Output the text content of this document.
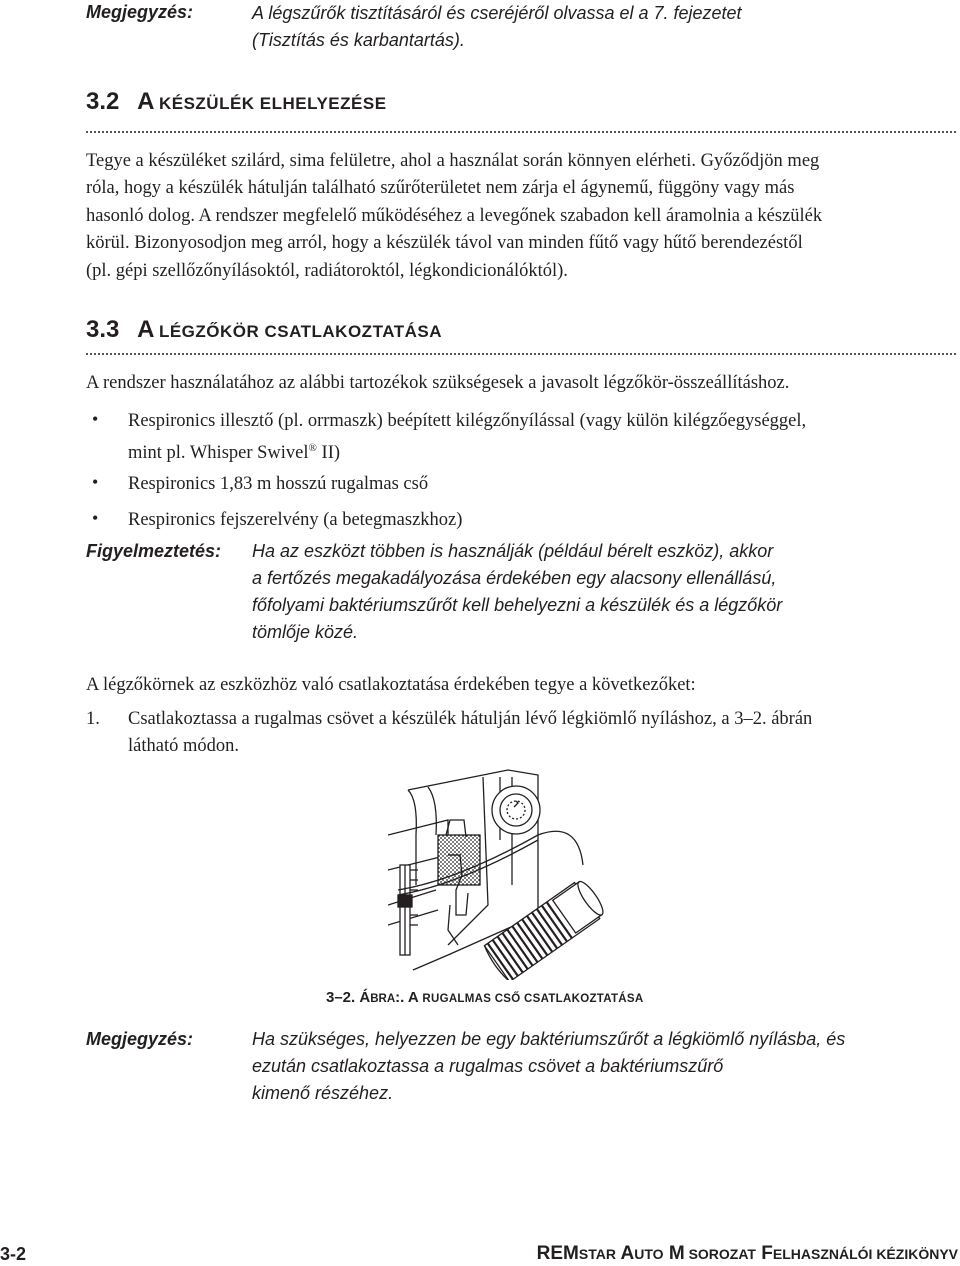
Megjegyzés:	A légszűrők tisztításáról és cseréjéről olvassa el a 7. fejezetet
(Tisztítás és karbantartás).
3.2 A KÉSZÜLÉK ELHELYEZÉSE
Tegye a készüléket szilárd, sima felületre, ahol a használat során könnyen elérheti. Győződjön meg
róla, hogy a készülék hátulján található szűrőterületet nem zárja el ágynemű, függöny vagy más
hasonló dolog. A rendszer megfelelő működéséhez a levegőnek szabadon kell áramolnia a készülék
körül. Bizonyosodjon meg arról, hogy a készülék távol van minden fűtő vagy hűtő berendezéstől
(pl. gépi szellőzőnyílásoktól, radiátoroktól, légkondicionálóktól).
3.3 A LÉGZŐKÖR CSATLAKOZTATÁSA
A rendszer használatához az alábbi tartozékok szükségesek a javasolt légzőkör-összeállításhoz.
• Respironics illesztő (pl. orrmaszk) beépített kilégzőnyílással (vagy külön kilégzőegységgel,
mint pl. Whisper Swivel® II)
• Respironics 1,83 m hosszú rugalmas cső
• Respironics fejszerelvény (a betegmaszkhoz)
Figyelmeztetés: Ha az eszközt többen is használják (például bérelt eszköz), akkor
a fertőzés megakadályozása érdekében egy alacsony ellenállású,
főfolyami baktériumszűrőt kell behelyezni a készülék és a légzőkör
tömlője közé.
A légzőkörnek az eszközhöz való csatlakoztatása érdekében tegye a következőket:
1. Csatlakoztassa a rugalmas csövet a készülék hátulján lévő légkiömlő nyíláshoz, a 3–2. ábrán
látható módon.
3–2. ÁBRA:. A RUGALMAS CSŐ CSATLAKOZTATÁSA
Megjegyzés:	Ha szükséges, helyezzen be egy baktériumszűrőt a légkiömlő nyílásba, és
ezután csatlakoztassa a rugalmas csövet a baktériumszűrő
kimenő részéhez.
3-2	REMSTAR AUTO M SOROZAT FELHASZNÁLÓI KÉZIKÖNYV
